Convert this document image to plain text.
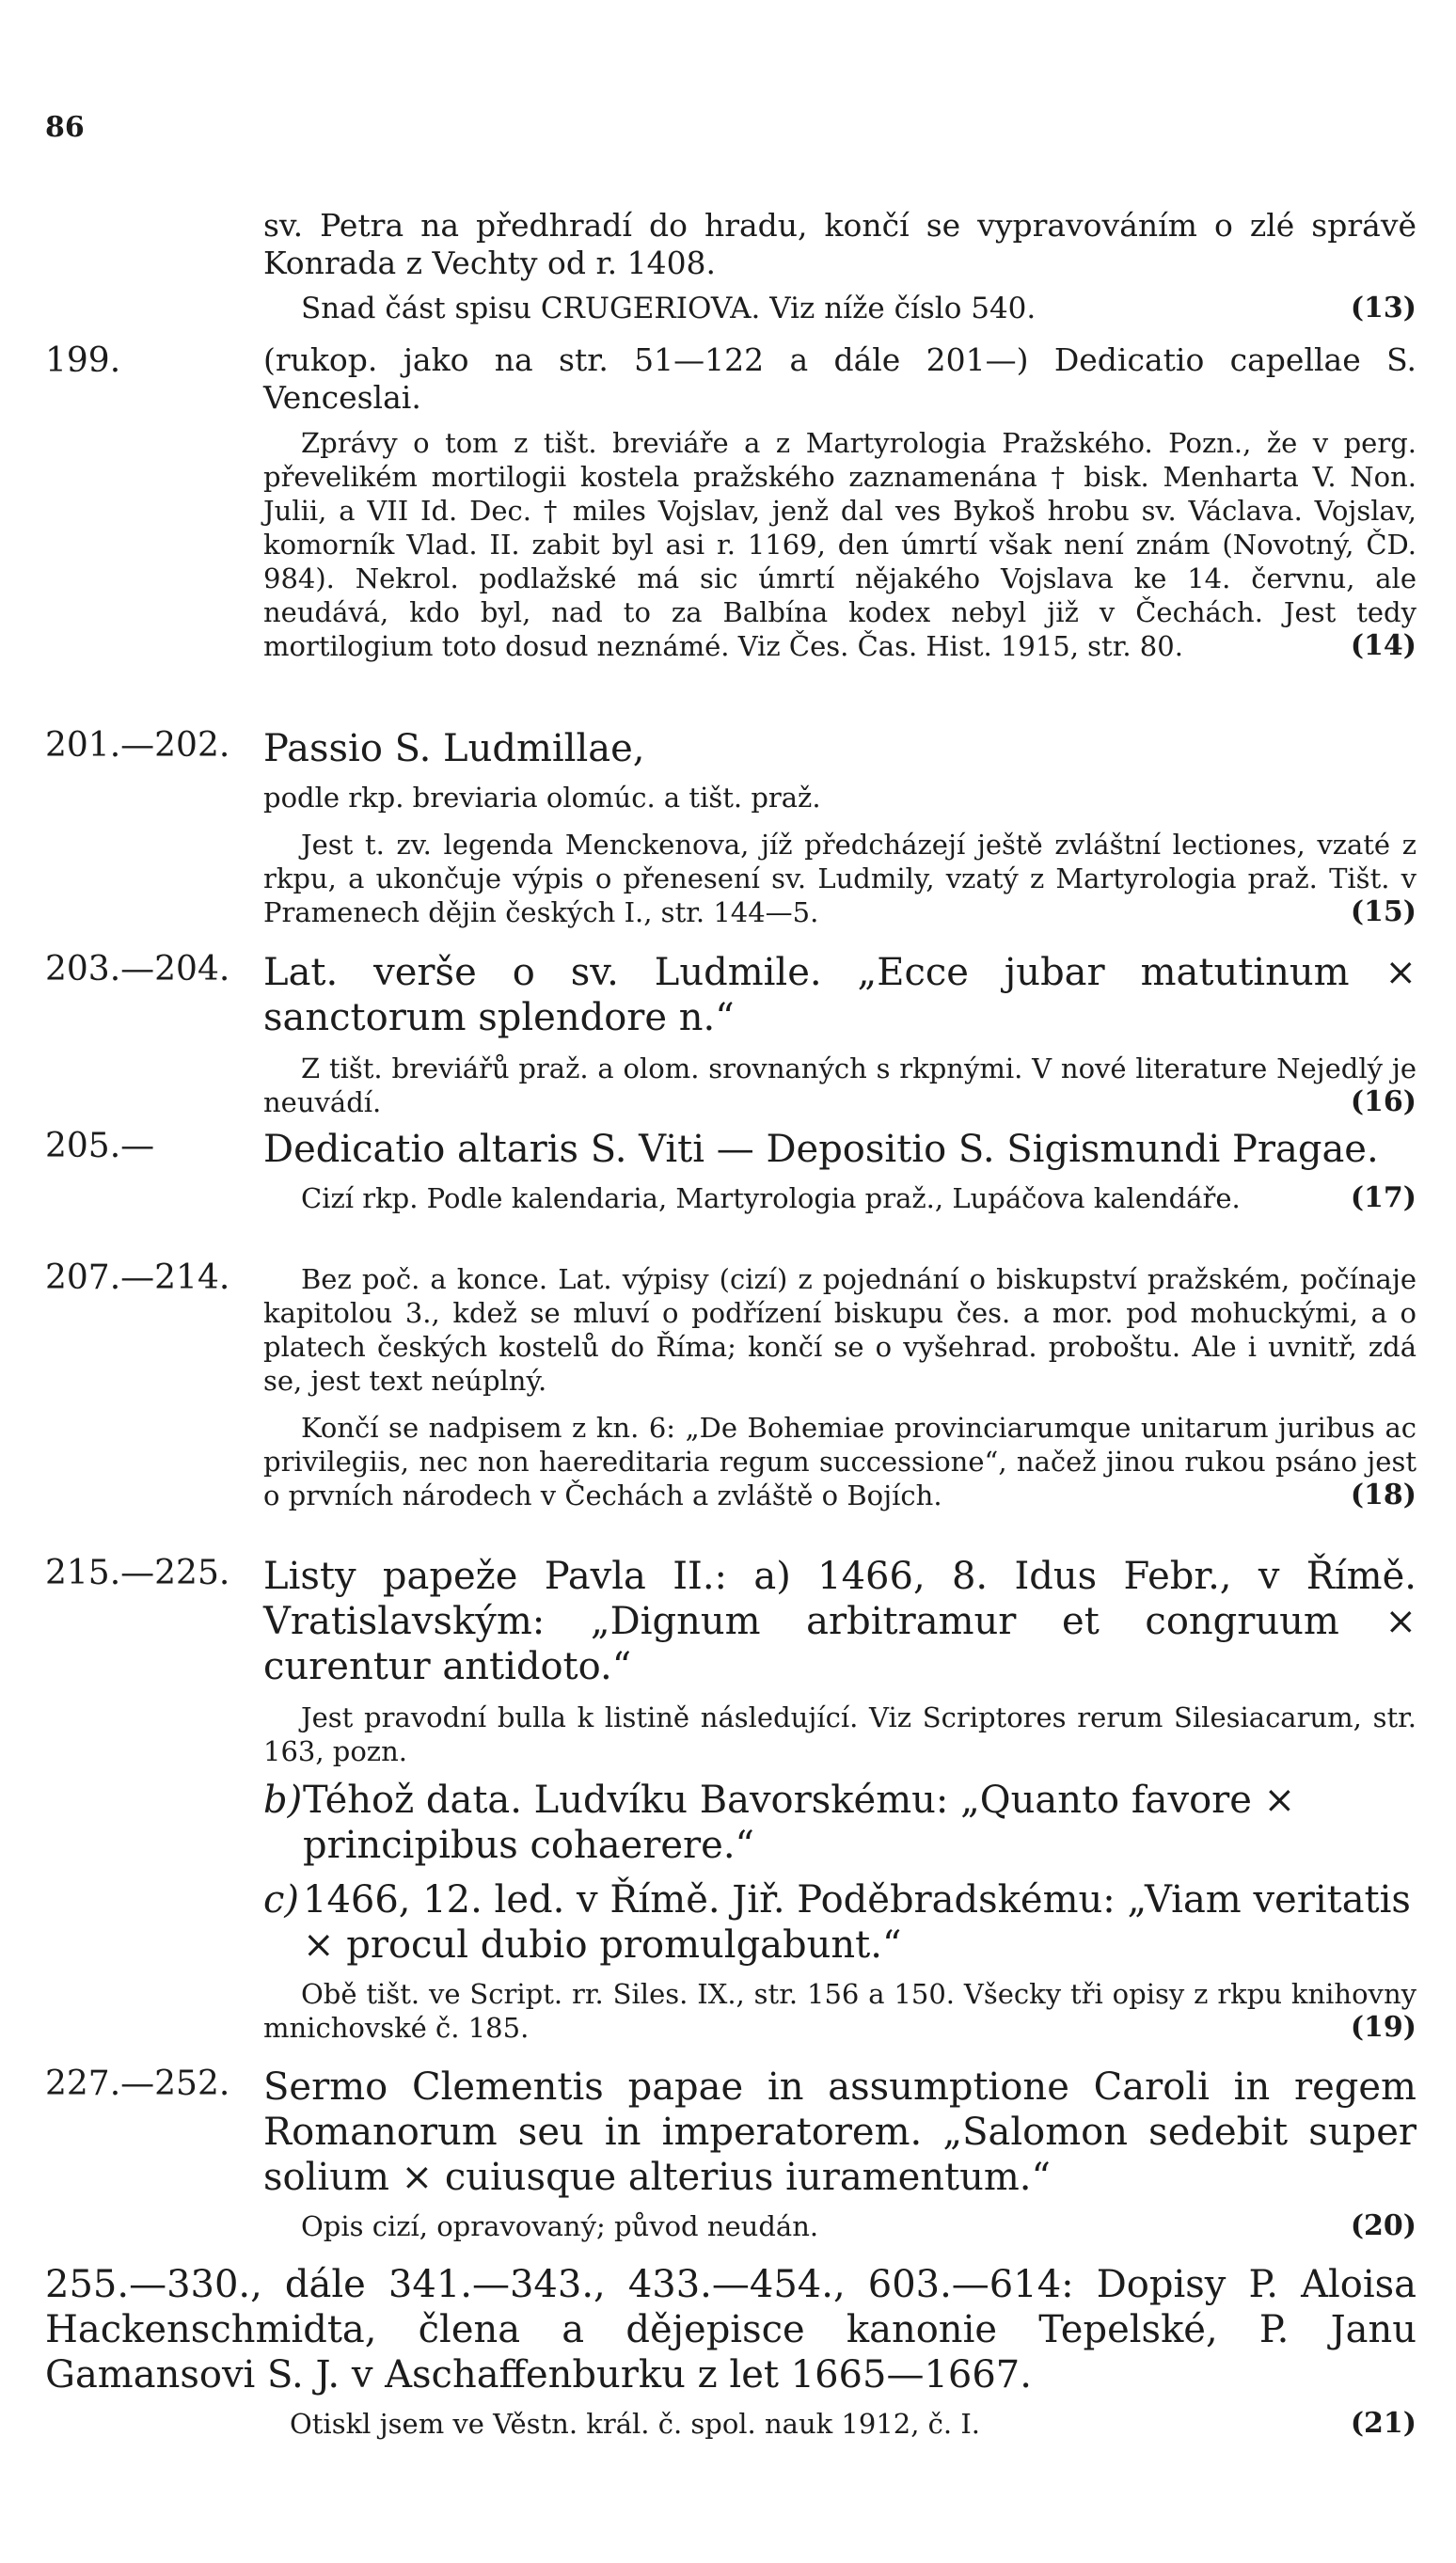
86

sv. Petra na předhradí do hradu, končí se vypravováním o zlé správě Konrada z Vechty od r. 1408.

Snad část spisu CRUGERIOVA. Viz níže číslo 540.	(13)

199.	(rukop. jako na str. 51—122 a dále 201—) Dedicatio capellae S. Venceslai.

Zprávy o tom z tišt. breviáře a z Martyrologia Pražského. Pozn., že v perg. převelikém mortilogii kostela pražského zaznamenána † bisk. Menharta V. Non. Julii, a VII Id. Dec. † miles Vojslav, jenž dal ves Bykoš hrobu sv. Václava. Vojslav, komorník Vlad. II. zabit byl asi r. 1169, den úmrtí však není znám (Novotný, ČD. 984). Nekrol. podlažské má sic úmrtí nějakého Vojslava ke 14. červnu, ale neudává, kdo byl, nad to za Balbína kodex nebyl již v Čechách. Jest tedy mortilogium toto dosud neznámé. Viz Čes. Čas. Hist. 1915, str. 80.	(14)

201.—202. Passio S. Ludmillae,

podle rkp. breviaria olomúc. a tišt. praž.

Jest t. zv. legenda Menckenova, jíž předcházejí ještě zvláštní lectiones, vzaté z rkpu, a ukončuje výpis o přenesení sv. Ludmily, vzatý z Martyrologia praž. Tišt. v Pramenech dějin českých I., str. 144—5.	(15)

203.—204. Lat. verše o sv. Ludmile. „Ecce jubar matutinum × sanctorum splendore n.“

Z tišt. breviářů praž. a olom. srovnaných s rkpnými. V nové literature Nejedlý je neuvádí.	(16)

205.—	Dedicatio altaris S. Viti — Depositio S. Sigismundi Pragae.

Cizí rkp. Podle kalendaria, Martyrologia praž., Lupáčova kalendáře.	(17)

207.—214.	Bez poč. a konce. Lat. výpisy (cizí) z pojednání o biskupství pražském, počínaje kapitolou 3., kdež se mluví o podřízení biskupu čes. a mor. pod mohuckými, a o platech českých kostelů do Říma; končí se o vyšehrad. proboštu. Ale i uvnitř, zdá se, jest text neúplný.

Končí se nadpisem z kn. 6: „De Bohemiae provinciarumque unitarum juribus ac privilegiis, nec non haereditaria regum successione“, načež jinou rukou psáno jest o prvních národech v Čechách a zvláště o Bojích.	(18)

215.—225. Listy papeže Pavla II.: a) 1466, 8. Idus Febr., v Římě. Vratislavským: „Dignum arbitramur et congruum × curentur antidoto.“

Jest pravodní bulla k listině následující. Viz Scriptores rerum Silesiacarum, str. 163, pozn.

b)Téhož data. Ludvíku Bavorskému: „Quanto favore × principibus cohaerere.“

c)1466, 12. led. v Římě. Jiř. Poděbradskému: „Viam veritatis × procul dubio promulgabunt.“

Obě tišt. ve Script. rr. Siles. IX., str. 156 a 150. Všecky tři opisy z rkpu knihovny mnichovské č. 185.	(19)

227.—252. Sermo Clementis papae in assumptione Caroli in regem Romanorum seu in imperatorem. „Salomon sedebit super solium × cuiusque alterius iuramentum.“

Opis cizí, opravovaný; původ neudán.	(20)

255.—330., dále 341.—343., 433.—454., 603.—614: Dopisy P. Aloisa Hackenschmidta, člena a dějepisce kanonie Tepelské, P. Janu Gamansovi S. J. v Aschaffenburku z let 1665—1667.

Otiskl jsem ve Věstn. král. č. spol. nauk 1912, č. I.	(21)
